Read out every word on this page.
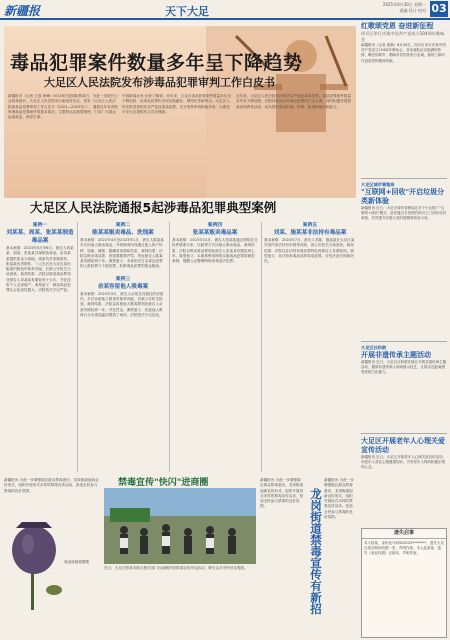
新疆报	天下大足
2025年6月30日 星期一
责编 设计 校对 03
毒品犯罪案件数量多年呈下降趋势
大足区人民法院发布涉毒品犯罪审判工作白皮书

新疆报讯（记者 王燕 徐峰）6月26日是国际禁毒日，为进一步提升公众禁毒意识，大足区人民法院举行新闻发布会，发布《大足区人民法院涉毒品犯罪审判工作白皮书（2021—2025年）》，通报近年来该院审理毒品犯罪案件的基本情况、主要特点及典型案例，引导广大群众远离毒品、珍爱生命。

中国新闻社讯·记者了解到，近年来，大足区毒品犯罪案件数量多年呈下降趋势，但毒品犯罪仍呈现出隐蔽化、网络化等新特点。大足区人民法院坚持依法从严惩处毒品犯罪，充分发挥审判职能作用，为建设平安大足提供有力司法保障。

近年来，大足区人民法院坚持依法从严惩处毒品犯罪，毒品犯罪案件数量多年呈下降趋势。法院持续加大对毒品犯罪的打击力度，同时积极开展禁毒宣传教育活动，切实提升群众识毒、防毒、拒毒的意识和能力。

大足区人民法院通报5起涉毒品犯罪典型案例
案例一
刘某某、周某、张某某制造毒品案

基本案情：2023年5月至6月，被告人刘某某、周某、张某某共谋制造毒品，由刘某某提供资金与场地，周某负责采购原料，张某某负责制作。三人先后在大足区某出租屋内制造甲基苯丙胺，后被公安机关当场查获。裁判结果：法院以制造毒品罪判处被告人刘某某有期徒刑十五年，并处没收个人全部财产。典型意义：制造毒品犯罪社会危害性极大，法院依法予以严惩。

案例二
陈某某贩卖毒品、洗钱案

基本案情：2022年4月至2023年1月，被告人陈某某多次向他人贩卖毒品，并将贩毒所得通过他人账户转移、转换，掩饰、隐瞒其来源和性质。裁判结果：法院以贩卖毒品罪、洗钱罪数罪并罚，判处被告人陈某某有期徒刑十年。典型意义：本案依法打击毒品犯罪的上游犯罪与下游犯罪，斩断毒品犯罪的资金链条。

案例三
余某容留他人吸毒案

基本案情：2024年3月，被告人余某在其租住的房屋内，多次容留他人吸食甲基苯丙胺，后被公安机关抓获。裁判结果：法院以容留他人吸毒罪判处被告人余某有期徒刑一年，并处罚金。典型意义：容留他人吸毒行为为毒品滥用提供了场所，法院依法予以惩处。

案例四
张某某贩卖毒品案

基本案情：2023年10月，被告人张某某通过网络社交软件联系买家，以邮寄方式向他人贩卖毒品。裁判结果：法院以贩卖毒品罪判处被告人张某某有期徒刑七年。典型意义：本案系利用网络实施毒品犯罪的典型案例，提醒公众警惕网络涉毒违法犯罪。

案例五
刘某、施某某非法持有毒品案

基本案情：2024年7月，被告人刘某、施某某在大足区某宾馆内非法持有甲基苯丙胺，被公安机关当场查获。裁判结果：法院以非法持有毒品罪判处两被告人有期徒刑。典型意义：非法持有毒品同样构成犯罪，应依法追究刑事责任。

新疆报讯 为进一步增强辖区群众禁毒意识，龙岗街道创新宣传形式，组织开展形式多样的禁毒宣传活动，营造全民参与禁毒的良好氛围。

毒品原植物罂粟

禁毒宣传"快闪"进商圈

近日，大足区禁毒办联合相关部门在商圈开展禁毒宣传快闪活动，吸引众多市民驻足观看。

新疆报讯 为进一步增强辖区群众禁毒意识，龙岗街道创新宣传形式，组织开展形式多样的禁毒宣传活动，营造全民参与禁毒的良好氛围。	龙岗街道禁毒宣传有新招

新疆报讯 为进一步增强辖区群众禁毒意识，龙岗街道创新宣传形式，组织开展形式多样的禁毒宣传活动，营造全民参与禁毒的良好氛围。

红歌颂党恩 奋进新征程
经开区举行庆祝中国共产党成立104周年歌咏会
新疆报讯（记者 唐静）6月26日，经开区举行庆祝中国共产党成立104周年歌咏会，各参赛队伍以饱满的热情、嘹亮的歌声，唱响对党的热爱与忠诚，展现了新时代奋进者的精神风貌。
大足区城市管理局
"互联网+回收"开启垃圾分类新体验
新疆报讯 近日，大足区城市管理局在多个小区推广"互联网+回收"模式，居民通过手机预约即可上门回收可回收物，有效提升垃圾分类的便捷度和参与率。
大足区社科联
开展非遗传承主题活动
新疆报讯 近日，大足区社科联在辖区开展非遗传承主题活动，邀请非遗传承人现场展示技艺，让群众近距离感受传统文化魅力。
大足区开展老年人心理关爱宣传活动
新疆报讯 近日，大足区开展老年人心理关爱宣传活动，向老年人普及心理健康知识，引导老年人保持积极乐观的心态。
遗失启事
本人杨某，身份证号码500225********，遗失大足区某处购房收据一张，声明作废。本人赵某某，遗失《营业执照》正副本，声明作废。
